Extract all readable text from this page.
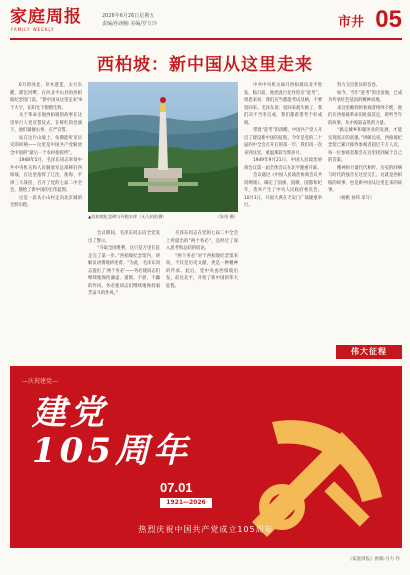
家庭周报
FAMILY WEEKLY
2026年6月26日星期五
责编/孙翊楠 美编/罗万玲	市井 05
西柏坡：新中国从这里走来

6月的河北，草木葱茏，太行东麓，滹沱河畔，在河北平山县的西柏坡纪念馆门前，“新中国从这里走来”8个大字，在阳光下熠熠生辉。

关于革命圣地西柏坡的故事在这里举行人党宣誓仪式，在鲜红的党旗下，他们紧握右拳，庄严宣誓。

站在这片山坡上，仿佛能听见历史的回响——这里是中国共产党解放全中国的“最后一个农村指挥所”。

1948年5月，毛泽东同志率领中共中央机关和人民解放军总部移驻西柏坡，在这里指挥了辽沈、淮海、平津三大战役，召开了党的七届二中全会，描绘了新中国的宏伟蓝图。

这是一段从小山村走向北京城的光辉历程。

▲西柏坡纪念碑与环抱水库（无人机拍摄）	（朱彤 摄）

会议期间，毛泽东同志向全党发出了警示。

“夺取全国胜利，这只是万里长征走完了第一步。”西柏坡纪念馆内，讲解员动情地讲述着。“为此，毛泽东同志提出了‘两个务必’——务必使同志们继续地保持谦虚、谨慎、不骄、不躁的作风，务必使同志们继续地保持艰苦奋斗的作风。”

毛泽东同志在党的七届二中全会上所提出的“两个务必”，是经过了深入思考和总结的结论。

“两个务必”对于西柏坡纪念馆来说，不仅是历史文献，更是一种精神的传承。此后，党中央由西柏坡出发，前往北平，开始了新中国的伟大征程。

中共中央机关离开西柏坡向北平进发。临行前，他把此行比作进京“赶考”。周恩来说：我们应当都能考试及格，不要退回来。毛泽东说：退回来就失败了，我们决不当李自成，我们都希望考个好成绩。

带着“赶考”的清醒，中国共产党人开启了建设新中国的征程。今年是党的二十届四中全会召开后的第一年，我们再一次来到这里，重温那段光辉岁月。

1949年9月21日，中国人民政治协商会议第一届全体会议在北平隆重开幕。

会议通过《中国人民政治协商会议共同纲领》，确定了国旗、国歌、国都和纪年，选举产生了中央人民政府委员会。10月1日，开国大典在天安门广场隆重举行。

努力交出优异的答卷。

如今，当年“赶考”的出发地，已成为传承红色基因的精神高地。

来这里瞻仰的参观者络绎不绝，他们在西柏坡革命旧址前驻足，聆听当年的故事，从中汲取奋进的力量。

“搞完城乡和服务业的发展，才能实现真正的富强。”讲解员说，西柏坡纪念馆已累计接待参观者超过千万人次，每一位参观者都会在这里找到属于自己的答案。

精神的力量代代相传。历史的回响与时代的强音在这里交汇，这就是西柏坡的故事，也是新中国从这里走来的故事。

（杨帆 孙伟 采写）

伟大征程
—庆祝建党—
建党
105周年
07.01
1921—2026
热烈庆祝中国共产党成立105周年
《家庭周报》供稿·马力 作
